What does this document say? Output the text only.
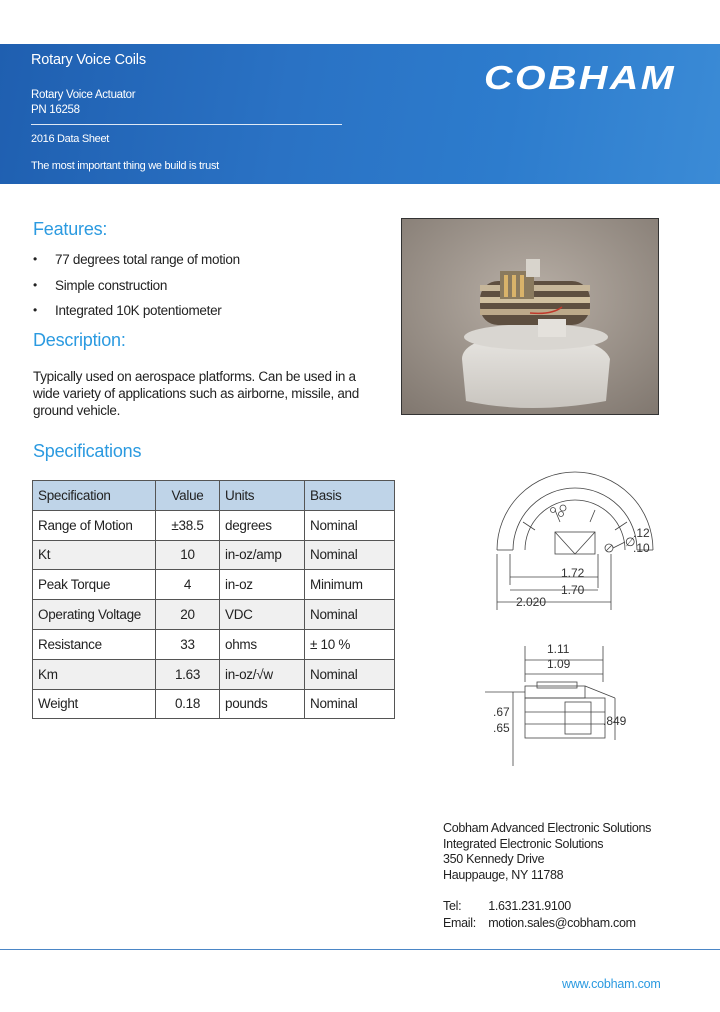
Rotary Voice Coils
Rotary Voice Actuator
PN 16258
2016 Data Sheet
The most important thing we build is trust
COBHAM
Features:
• 77 degrees total range of motion
• Simple construction
• Integrated 10K potentiometer
Description:
Typically used on aerospace platforms. Can be used in a wide variety of applications such as airborne, missile, and ground vehicle.
Specifications
Specification	Value	Units	Basis
Range of Motion	±38.5	degrees	Nominal
Kt	10	in-oz/amp	Nominal
Peak Torque	4	in-oz	Minimum
Operating Voltage	20	VDC	Nominal
Resistance	33	ohms	± 10 %
Km	1.63	in-oz/√w	Nominal
Weight	0.18	pounds	Nominal
1.72
1.70
2.020
∅
.12
.10
1.11
1.09
.67
.65	.849
Cobham Advanced Electronic Solutions
Integrated Electronic Solutions
350 Kennedy Drive
Hauppauge, NY 11788
Tel: 1.631.231.9100
Email: motion.sales@cobham.com
www.cobham.com
